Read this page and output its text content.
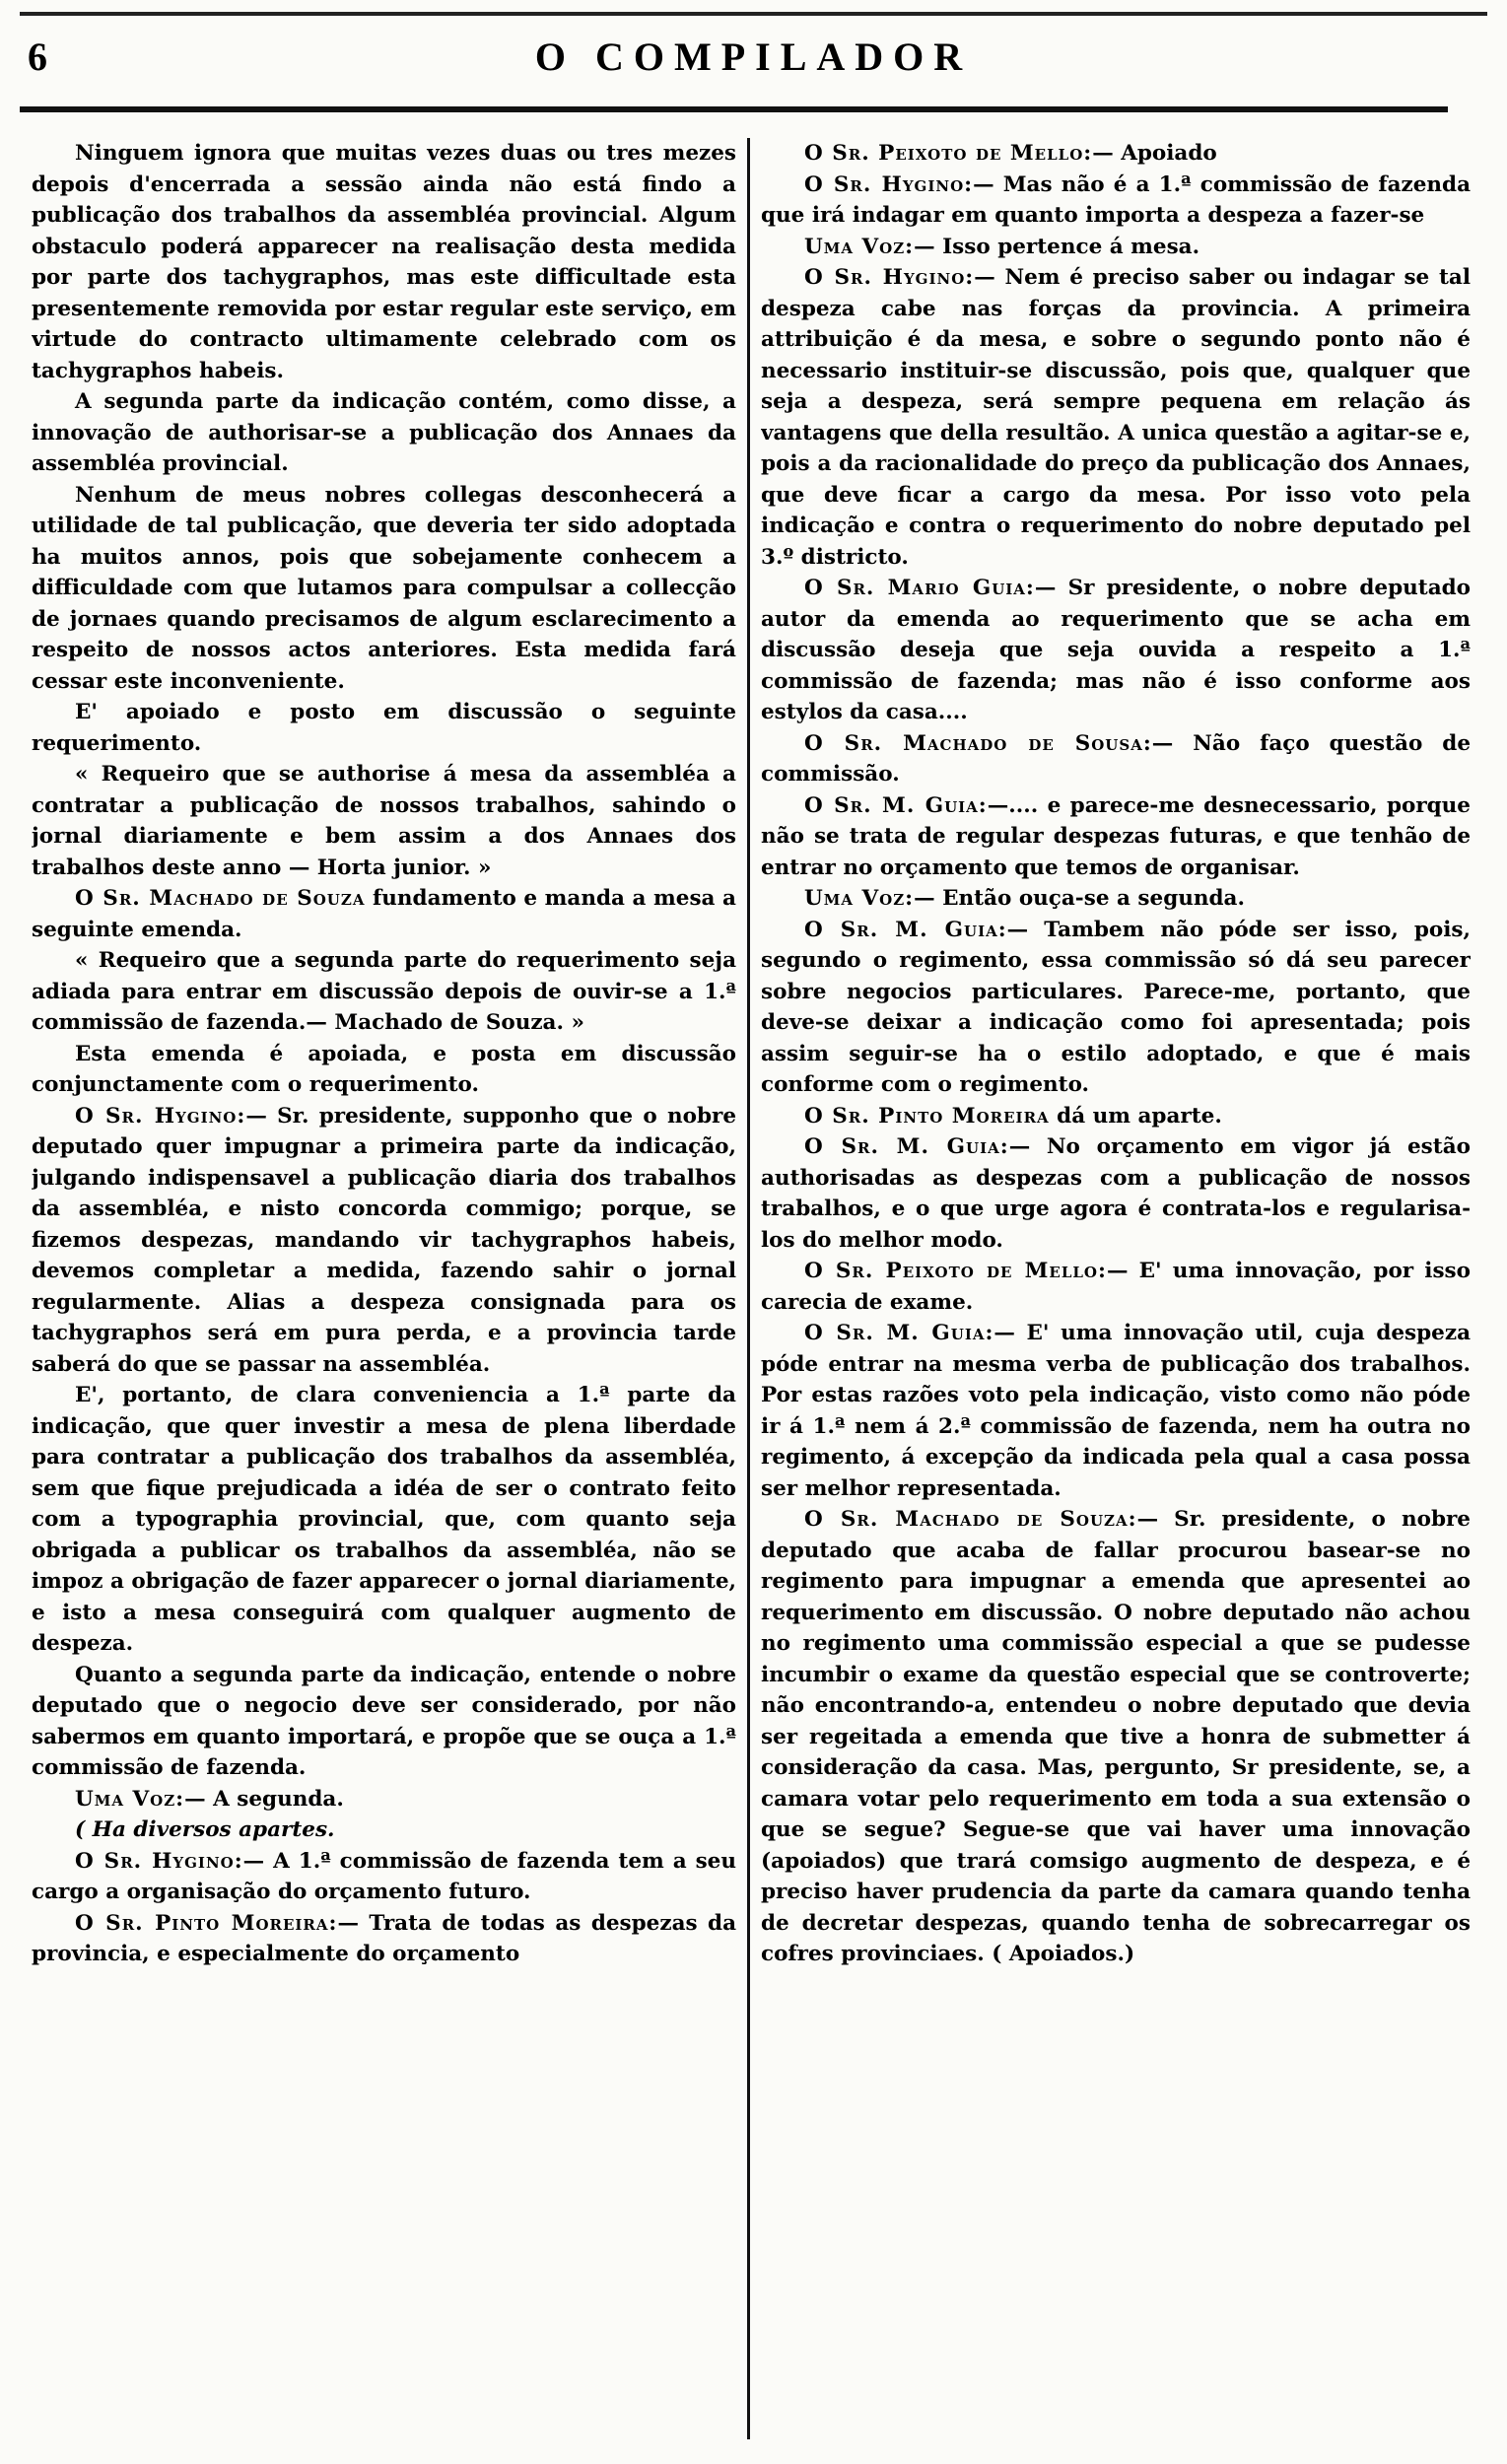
6	O COMPILADOR

Ninguem ignora que muitas vezes duas ou tres mezes depois d'encerrada a sessão ainda não está findo a publicação dos trabalhos da assembléa provincial. Algum obstaculo poderá apparecer na realisação desta medida por parte dos tachygraphos, mas este difficultade esta presentemente removida por estar regular este serviço, em virtude do contracto ultimamente celebrado com os tachygraphos habeis.

A segunda parte da indicação contém, como disse, a innovação de authorisar-se a publicação dos Annaes da assembléa provincial.

Nenhum de meus nobres collegas desconhecerá a utilidade de tal publicação, que deveria ter sido adoptada ha muitos annos, pois que sobejamente conhecem a difficuldade com que lutamos para compulsar a collecção de jornaes quando precisamos de algum esclarecimento a respeito de nossos actos anteriores. Esta medida fará cessar este inconveniente.

E' apoiado e posto em discussão o seguinte requerimento.

« Requeiro que se authorise á mesa da assembléa a contratar a publicação de nossos trabalhos, sahindo o jornal diariamente e bem assim a dos Annaes dos trabalhos deste anno — Horta junior. »

O Sr. Machado de Souza fundamento e manda a mesa a seguinte emenda.

« Requeiro que a segunda parte do requerimento seja adiada para entrar em discussão depois de ouvir-se a 1.ª commissão de fazenda.— Machado de Souza. »

Esta emenda é apoiada, e posta em discussão conjunctamente com o requerimento.

O Sr. Hygino:— Sr. presidente, supponho que o nobre deputado quer impugnar a primeira parte da indicação, julgando indispensavel a publicação diaria dos trabalhos da assembléa, e nisto concorda commigo; porque, se fizemos despezas, mandando vir tachygraphos habeis, devemos completar a medida, fazendo sahir o jornal regularmente. Alias a despeza consignada para os tachygraphos será em pura perda, e a provincia tarde saberá do que se passar na assembléa.

E', portanto, de clara conveniencia a 1.ª parte da indicação, que quer investir a mesa de plena liberdade para contratar a publicação dos trabalhos da assembléa, sem que fique prejudicada a idéa de ser o contrato feito com a typographia provincial, que, com quanto seja obrigada a publicar os trabalhos da assembléa, não se impoz a obrigação de fazer apparecer o jornal diariamente, e isto a mesa conseguirá com qualquer augmento de despeza.

Quanto a segunda parte da indicação, entende o nobre deputado que o negocio deve ser considerado, por não sabermos em quanto importará, e propõe que se ouça a 1.ª commissão de fazenda.

Uma Voz:— A segunda.

( Ha diversos apartes.

O Sr. Hygino:— A 1.ª commissão de fazenda tem a seu cargo a organisação do orçamento futuro.

O Sr. Pinto Moreira:— Trata de todas as despezas da provincia, e especialmente do orçamento

O Sr. Peixoto de Mello:— Apoiado

O Sr. Hygino:— Mas não é a 1.ª commissão de fazenda que irá indagar em quanto importa a despeza a fazer-se

Uma Voz:— Isso pertence á mesa.

O Sr. Hygino:— Nem é preciso saber ou indagar se tal despeza cabe nas forças da provincia. A primeira attribuição é da mesa, e sobre o segundo ponto não é necessario instituir-se discussão, pois que, qualquer que seja a despeza, será sempre pequena em relação ás vantagens que della resultão. A unica questão a agitar-se e, pois a da racionalidade do preço da publicação dos Annaes, que deve ficar a cargo da mesa. Por isso voto pela indicação e contra o requerimento do nobre deputado pel 3.º districto.

O Sr. Mario Guia:— Sr presidente, o nobre deputado autor da emenda ao requerimento que se acha em discussão deseja que seja ouvida a respeito a 1.ª commissão de fazenda; mas não é isso conforme aos estylos da casa....

O Sr. Machado de Sousa:— Não faço questão de commissão.

O Sr. M. Guia:—.... e parece-me desnecessario, porque não se trata de regular despezas futuras, e que tenhão de entrar no orçamento que temos de organisar.

Uma Voz:— Então ouça-se a segunda.

O Sr. M. Guia:— Tambem não póde ser isso, pois, segundo o regimento, essa commissão só dá seu parecer sobre negocios particulares. Parece-me, portanto, que deve-se deixar a indicação como foi apresentada; pois assim seguir-se ha o estilo adoptado, e que é mais conforme com o regimento.

O Sr. Pinto Moreira dá um aparte.

O Sr. M. Guia:— No orçamento em vigor já estão authorisadas as despezas com a publicação de nossos trabalhos, e o que urge agora é contrata-los e regularisa-los do melhor modo.

O Sr. Peixoto de Mello:— E' uma innovação, por isso carecia de exame.

O Sr. M. Guia:— E' uma innovação util, cuja despeza póde entrar na mesma verba de publicação dos trabalhos. Por estas razões voto pela indicação, visto como não póde ir á 1.ª nem á 2.ª commissão de fazenda, nem ha outra no regimento, á excepção da indicada pela qual a casa possa ser melhor representada.

O Sr. Machado de Souza:— Sr. presidente, o nobre deputado que acaba de fallar procurou basear-se no regimento para impugnar a emenda que apresentei ao requerimento em discussão. O nobre deputado não achou no regimento uma commissão especial a que se pudesse incumbir o exame da questão especial que se controverte; não encontrando-a, entendeu o nobre deputado que devia ser regeitada a emenda que tive a honra de submetter á consideração da casa. Mas, pergunto, Sr presidente, se, a camara votar pelo requerimento em toda a sua extensão o que se segue? Segue-se que vai haver uma innovação (apoiados) que trará comsigo augmento de despeza, e é preciso haver prudencia da parte da camara quando tenha de decretar despezas, quando tenha de sobrecarregar os cofres provinciaes. ( Apoiados.)
